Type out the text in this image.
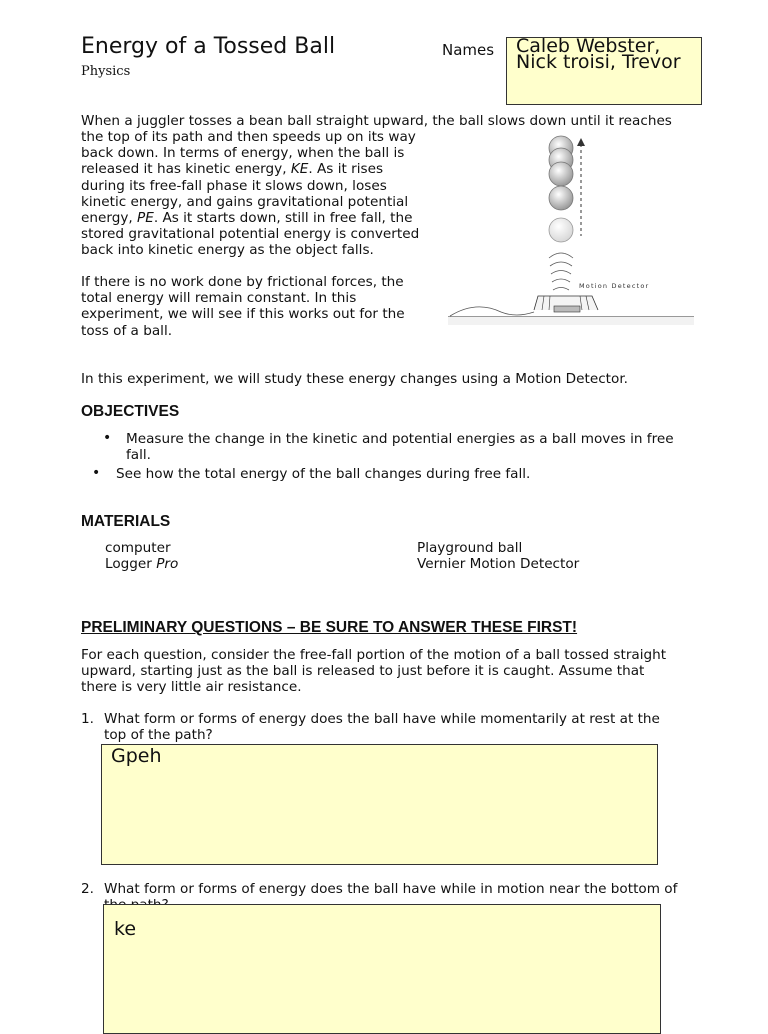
Energy of a Tossed Ball
Physics
Names Caleb Webster, Nick troisi, Trevor
When a juggler tosses a bean ball straight upward, the ball slows down until it reaches
the top of its path and then speeds up on its way back down. In terms of energy, when the ball is released it has kinetic energy, KE. As it rises during its free-fall phase it slows down, loses kinetic energy, and gains gravitational potential energy, PE. As it starts down, still in free fall, the stored gravitational potential energy is converted back into kinetic energy as the object falls.
Motion Detector
If there is no work done by frictional forces, the total energy will remain constant. In this experiment, we will see if this works out for the toss of a ball.
In this experiment, we will study these energy changes using a Motion Detector.
OBJECTIVES
• Measure the change in the kinetic and potential energies as a ball moves in free fall.
• See how the total energy of the ball changes during free fall.
MATERIALS
computer
Logger Pro
Playground ball
Vernier Motion Detector
PRELIMINARY QUESTIONS – BE SURE TO ANSWER THESE FIRST!
For each question, consider the free-fall portion of the motion of a ball tossed straight upward, starting just as the ball is released to just before it is caught. Assume that there is very little air resistance.
1. What form or forms of energy does the ball have while momentarily at rest at the top of the path?
Gpeh
2. What form or forms of energy does the ball have while in motion near the bottom of
ke
